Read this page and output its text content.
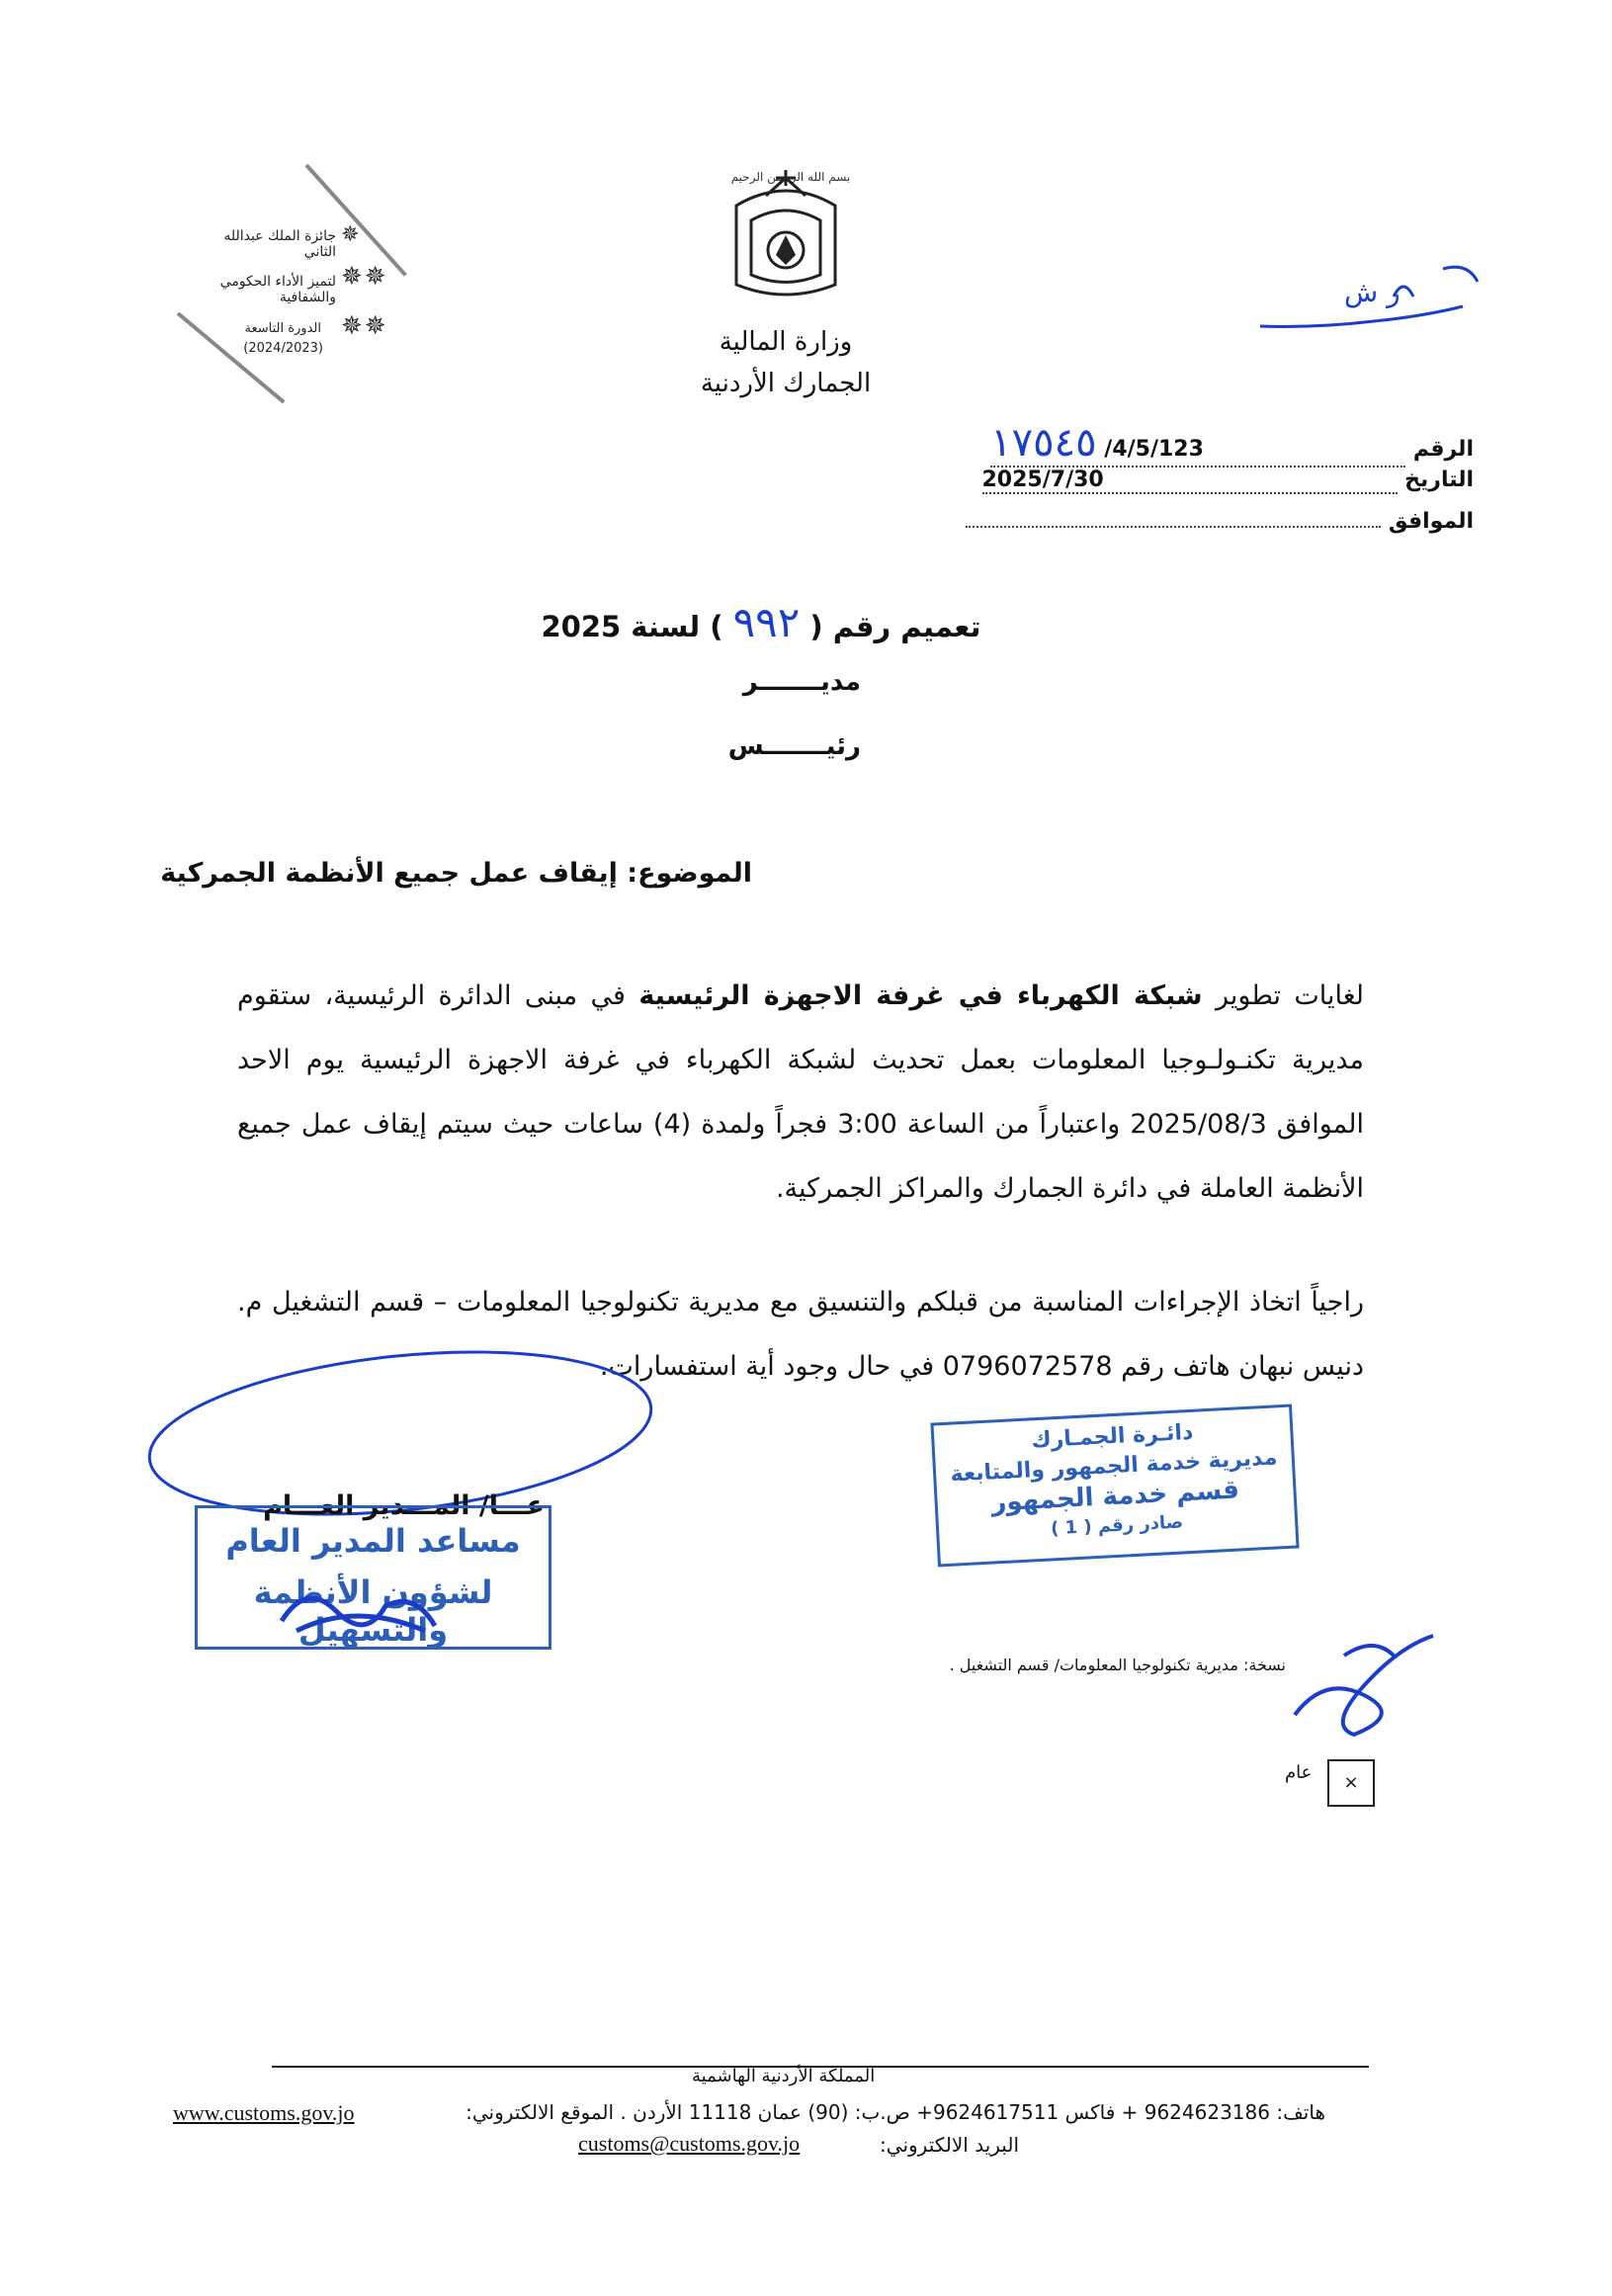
✵
جائزة الملك عبدالله الثاني
✵✵
لتميز الأداء الحكومي والشفافية
✵✵
الدورة التاسعة
(2024/2023)
بسم الله الرحمن الرحيم
وزارة المالية
الجمارك الأردنية
ر ش
الرقم 4/5/123/ ١٧٥٤٥
التاريخ 2025/7/30
الموافق
تعميم رقم ( ٩٩٢ ) لسنة 2025
مديـــــــر
رئيـــــــس
الموضوع: إيقاف عمل جميع الأنظمة الجمركية
لغايات تطوير شبكة الكهرباء في غرفة الاجهزة الرئيسية في مبنى الدائرة الرئيسية، ستقوم مديرية تكنـولـوجيا المعلومات بعمل تحديث لشبكة الكهرباء في غرفة الاجهزة الرئيسية يوم الاحد الموافق 2025/08/3 واعتباراً من الساعة 3:00 فجراً ولمدة (4) ساعات حيث سيتم إيقاف عمل جميع الأنظمة العاملة في دائرة الجمارك والمراكز الجمركية.
راجياً اتخاذ الإجراءات المناسبة من قبلكم والتنسيق مع مديرية تكنولوجيا المعلومات – قسم التشغيل م. دنيس نبهان هاتف رقم 0796072578 في حال وجود أية استفسارات.
عـــا/ المـــدير العـــام
مساعد المدير العام
لشؤون الأنظمة والتسهيل
دائـرة الجمـارك
مديرية خدمة الجمهور والمتابعة
قسم خدمة الجمهور
صادر رقم ( 1 )
نسخة: مديرية تكنولوجيا المعلومات/ قسم التشغيل .
×
عام
المملكة الأردنية الهاشمية
هاتف: 9624623186 + فاكس 9624617511+ ص.ب: (90) عمان 11118 الأردن . الموقع الالكتروني:
www.customs.gov.jo
البريد الالكتروني:
customs@customs.gov.jo
